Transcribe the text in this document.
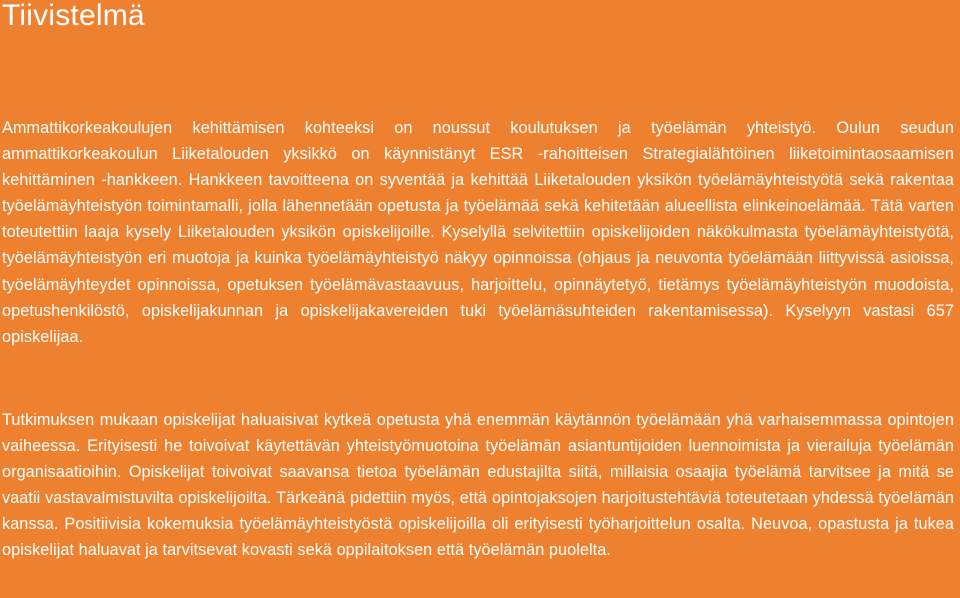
Tiivistelmä

Ammattikorkeakoulujen kehittämisen kohteeksi on noussut koulutuksen ja työelämän yhteistyö. Oulun seudun ammattikorkeakoulun Liiketalouden yksikkö on käynnistänyt ESR -rahoitteisen Strategialähtöinen liiketoimintaosaamisen kehittäminen -hankkeen. Hankkeen tavoitteena on syventää ja kehittää Liiketalouden yksikön työelämäyhteistyötä sekä rakentaa työelämäyhteistyön toimintamalli, jolla lähennetään opetusta ja työelämää sekä kehitetään alueellista elinkeinoelämää. Tätä varten toteutettiin laaja kysely Liiketalouden yksikön opiskelijoille. Kyselyllä selvitettiin opiskelijoiden näkökulmasta työelämäyhteistyötä, työelämäyhteistyön eri muotoja ja kuinka työelämäyhteistyö näkyy opinnoissa (ohjaus ja neuvonta työelämään liittyvissä asioissa, työelämäyhteydet opinnoissa, opetuksen työelämävastaavuus, harjoittelu, opinnäytetyö, tietämys työelämäyhteistyön muodoista, opetushenkilöstö, opiskelijakunnan ja opiskelijakavereiden tuki työelämäsuhteiden rakentamisessa). Kyselyyn vastasi 657 opiskelijaa.

Tutkimuksen mukaan opiskelijat haluaisivat kytkeä opetusta yhä enemmän käytännön työelämään yhä varhaisemmassa opintojen vaiheessa. Erityisesti he toivoivat käytettävän yhteistyömuotoina työelämän asiantuntijoiden luennoimista ja vierailuja työelämän organisaatioihin. Opiskelijat toivoivat saavansa tietoa työelämän edustajilta siitä, millaisia osaajia työelämä tarvitsee ja mitä se vaatii vastavalmistuvilta opiskelijoilta. Tärkeänä pidettiin myös, että opintojaksojen harjoitustehtäviä toteutetaan yhdessä työelämän kanssa. Positiivisia kokemuksia työelämäyhteistyöstä opiskelijoilla oli erityisesti työharjoittelun osalta. Neuvoa, opastusta ja tukea opiskelijat haluavat ja tarvitsevat kovasti sekä oppilaitoksen että työelämän puolelta.
